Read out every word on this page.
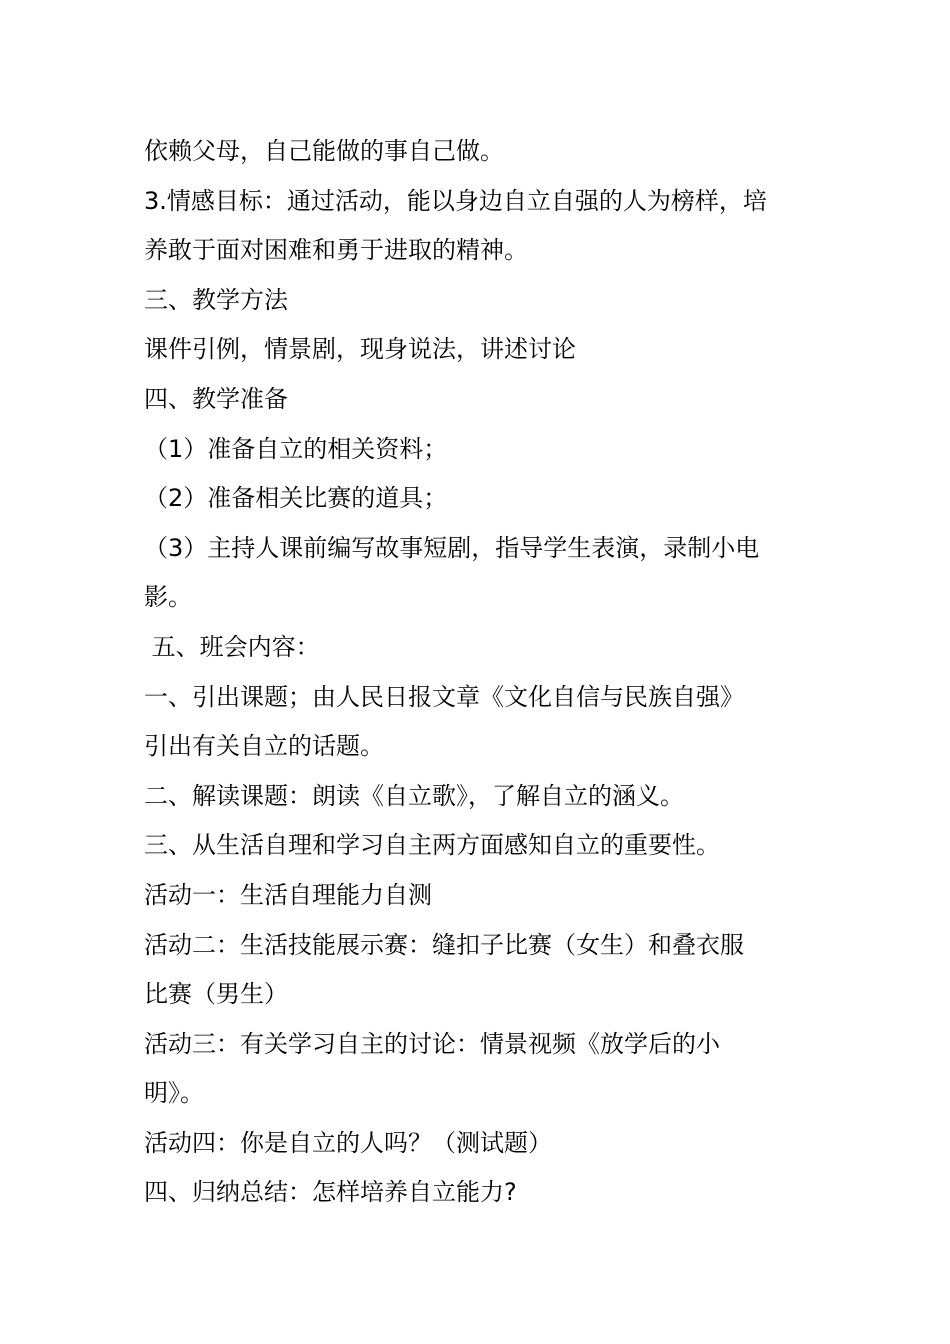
依赖父母，自己能做的事自己做。

3.情感目标：通过活动，能以身边自立自强的人为榜样，培

养敢于面对困难和勇于进取的精神。

三、教学方法

课件引例，情景剧，现身说法，讲述讨论

四、教学准备

（1）准备自立的相关资料；

（2）准备相关比赛的道具；

（3）主持人课前编写故事短剧，指导学生表演，录制小电

影。

五、班会内容：

一、引出课题；由人民日报文章《文化自信与民族自强》

引出有关自立的话题。

二、解读课题：朗读《自立歌》，了解自立的涵义。

三、从生活自理和学习自主两方面感知自立的重要性。

活动一：生活自理能力自测

活动二：生活技能展示赛：缝扣子比赛（女生）和叠衣服

比赛（男生）

活动三：有关学习自主的讨论：情景视频《放学后的小

明》。

活动四：你是自立的人吗？（测试题）

四、归纳总结：怎样培养自立能力?
